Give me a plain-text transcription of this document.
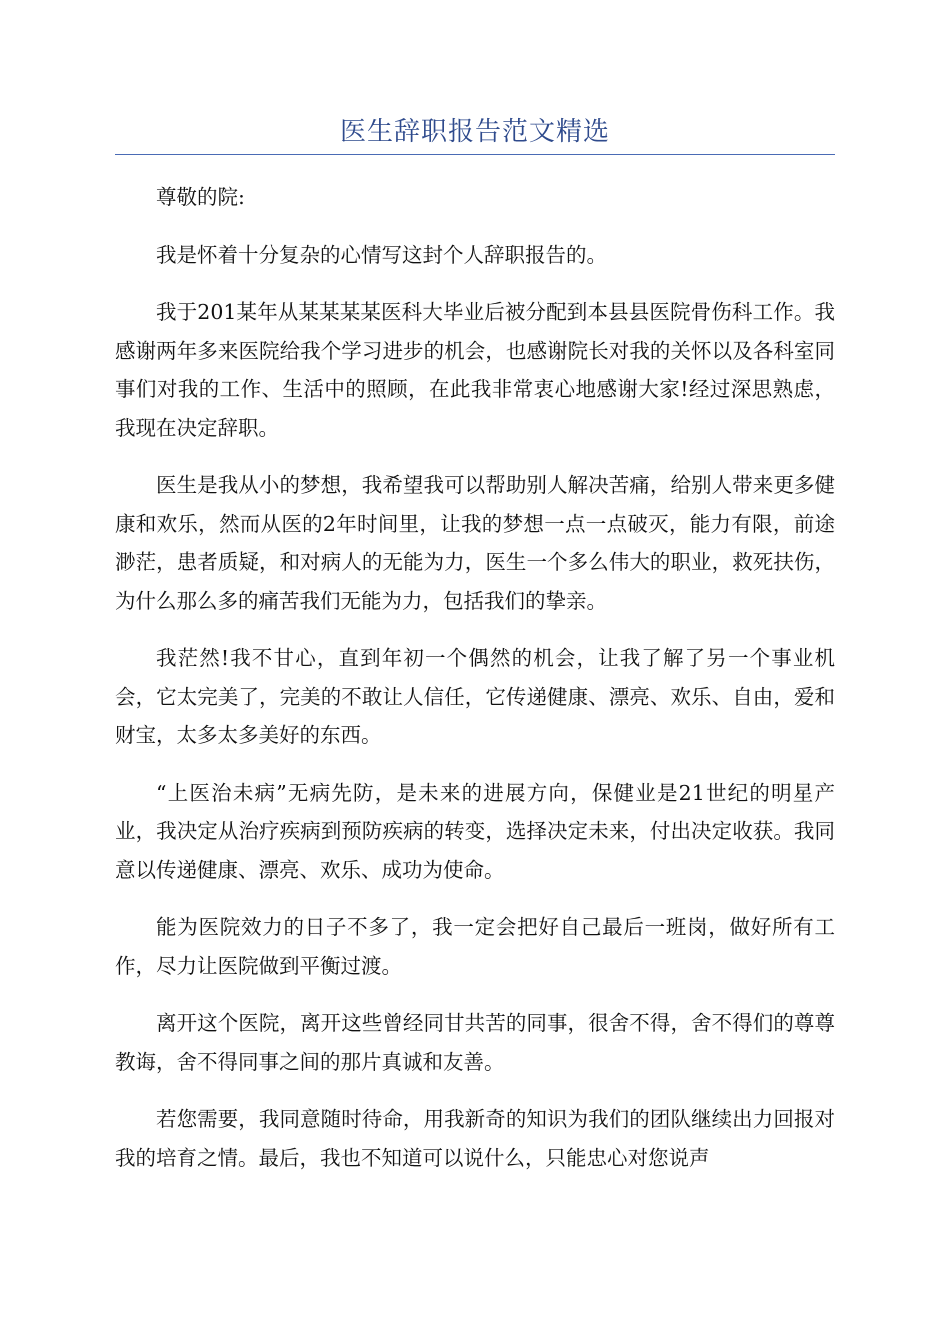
医生辞职报告范文精选

尊敬的院:

我是怀着十分复杂的心情写这封个人辞职报告的。

我于201某年从某某某某医科大毕业后被分配到本县县医院骨伤科工作。我感谢两年多来医院给我个学习进步的机会，也感谢院长对我的关怀以及各科室同事们对我的工作、生活中的照顾，在此我非常衷心地感谢大家!经过深思熟虑，我现在决定辞职。

医生是我从小的梦想，我希望我可以帮助别人解决苦痛，给别人带来更多健康和欢乐，然而从医的2年时间里，让我的梦想一点一点破灭，能力有限，前途渺茫，患者质疑，和对病人的无能为力，医生一个多么伟大的职业，救死扶伤，为什么那么多的痛苦我们无能为力，包括我们的挚亲。

我茫然!我不甘心，直到年初一个偶然的机会，让我了解了另一个事业机会，它太完美了，完美的不敢让人信任，它传递健康、漂亮、欢乐、自由，爱和财宝，太多太多美好的东西。

“上医治未病”无病先防，是未来的进展方向，保健业是21世纪的明星产业，我决定从治疗疾病到预防疾病的转变，选择决定未来，付出决定收获。我同意以传递健康、漂亮、欢乐、成功为使命。

能为医院效力的日子不多了，我一定会把好自己最后一班岗，做好所有工作，尽力让医院做到平衡过渡。

离开这个医院，离开这些曾经同甘共苦的同事，很舍不得，舍不得们的尊尊教诲，舍不得同事之间的那片真诚和友善。

若您需要，我同意随时待命，用我新奇的知识为我们的团队继续出力回报对我的培育之情。最后，我也不知道可以说什么，只能忠心对您说声
